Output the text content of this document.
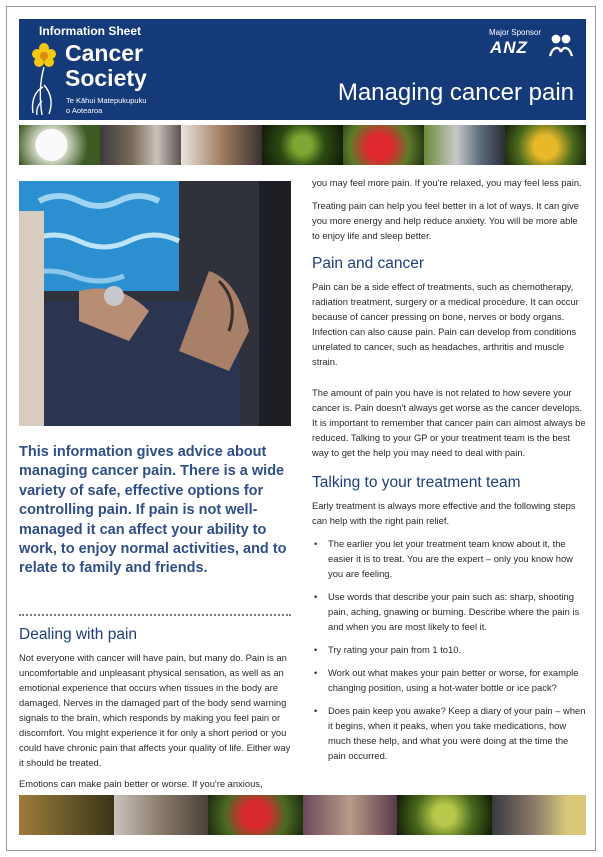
Information Sheet
Cancer
Society
Te Kāhui Matepukupuku
o Aotearoa
Major Sponsor
ANZ
Managing cancer pain
This information gives advice about managing cancer pain. There is a wide variety of safe, effective options for controlling pain. If pain is not well-managed it can affect your ability to work, to enjoy normal activities, and to relate to family and friends.
Dealing with pain

Not everyone with cancer will have pain, but many do. Pain is an uncomfortable and unpleasant physical sensation, as well as an emotional experience that occurs when tissues in the body are damaged. Nerves in the damaged part of the body send warning signals to the brain, which responds by making you feel pain or discomfort. You might experience it for only a short period or you could have chronic pain that affects your quality of life. Either way it should be treated.

Emotions can make pain better or worse. If you're anxious,

you may feel more pain. If you're relaxed, you may feel less pain.

Treating pain can help you feel better in a lot of ways. It can give you more energy and help reduce anxiety. You will be more able to enjoy life and sleep better.

Pain and cancer

Pain can be a side effect of treatments, such as chemotherapy, radiation treatment, surgery or a medical procedure. It can occur because of cancer pressing on bone, nerves or body organs. Infection can also cause pain. Pain can develop from conditions unrelated to cancer, such as headaches, arthritis and muscle strain.

The amount of pain you have is not related to how severe your cancer is. Pain doesn't always get worse as the cancer develops. It is important to remember that cancer pain can almost always be reduced. Talking to your GP or your treatment team is the best way to get the help you may need to deal with pain.

Talking to your treatment team

Early treatment is always more effective and the following steps can help with the right pain relief.

• The earlier you let your treatment team know about it, the easier it is to treat. You are the expert – only you know how you are feeling.
• Use words that describe your pain such as: sharp, shooting pain, aching, gnawing or burning. Describe where the pain is and when you are most likely to feel it.
• Try rating your pain from 1 to10.
• Work out what makes your pain better or worse, for example changing position, using a hot-water bottle or ice pack?
• Does pain keep you awake? Keep a diary of your pain – when it begins, when it peaks, when you take medications, how much these help, and what you were doing at the time the pain occurred.
